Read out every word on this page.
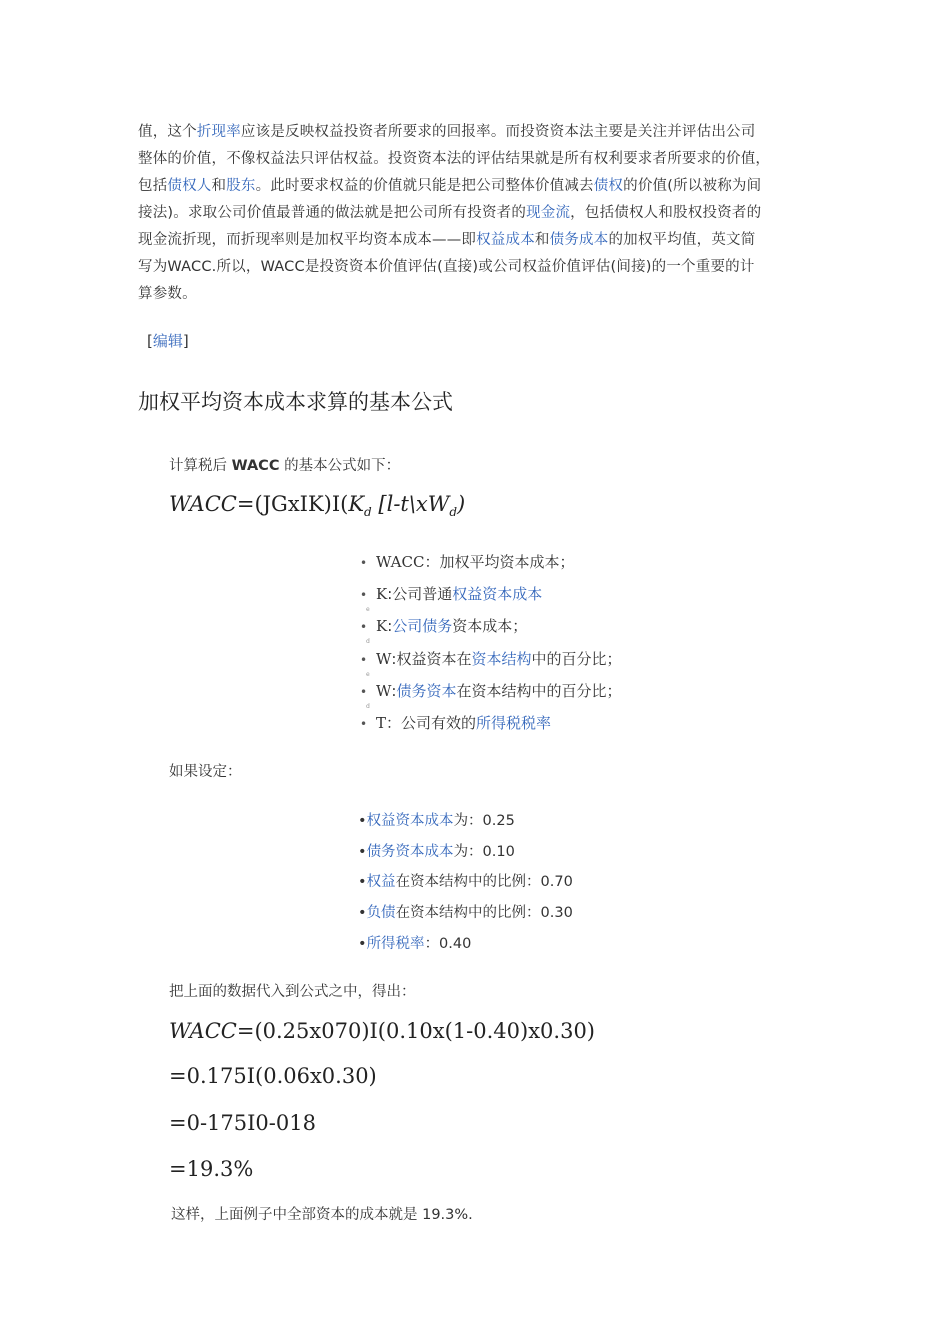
值，这个折现率应该是反映权益投资者所要求的回报率。而投资资本法主要是关注并评估出公司

整体的价值，不像权益法只评估权益。投资资本法的评估结果就是所有权利要求者所要求的价值，

包括债权人和股东。此时要求权益的价值就只能是把公司整体价值减去债权的价值(所以被称为间

接法)。求取公司价值最普通的做法就是把公司所有投资者的现金流，包括债权人和股权投资者的

现金流折现，而折现率则是加权平均资本成本——即权益成本和债务成本的加权平均值，英文简

写为WACC.所以，WACC是投资资本价值评估(直接)或公司权益价值评估(间接)的一个重要的计

算参数。

[编辑]
加权平均资本成本求算的基本公式
计算税后 WACC 的基本公式如下：
$WACC=(JGxIK)I(K_d$ $[l-t\backslash xW_d)$
• WACC：加权平均资本成本；
• K
e
:公司普通权益资本成本
• K
d
:公司债务资本成本；
• W
e
:权益资本在资本结构中的百分比；
• W
d
:债务资本在资本结构中的百分比；
• T：公司有效的所得税税率
如果设定：
•权益资本成本为：0.25
•债务资本成本为：0.10
•权益在资本结构中的比例：0.70
•负债在资本结构中的比例：0.30
•所得税率：0.40
把上面的数据代入到公式之中，得出：
WACC=(0.25x070)I(0.10x(1-0.40)x0.30)
=0.175I(0.06x0.30)
=0-175I0-018
=19.3%
这样，上面例子中全部资本的成本就是 19.3%.
